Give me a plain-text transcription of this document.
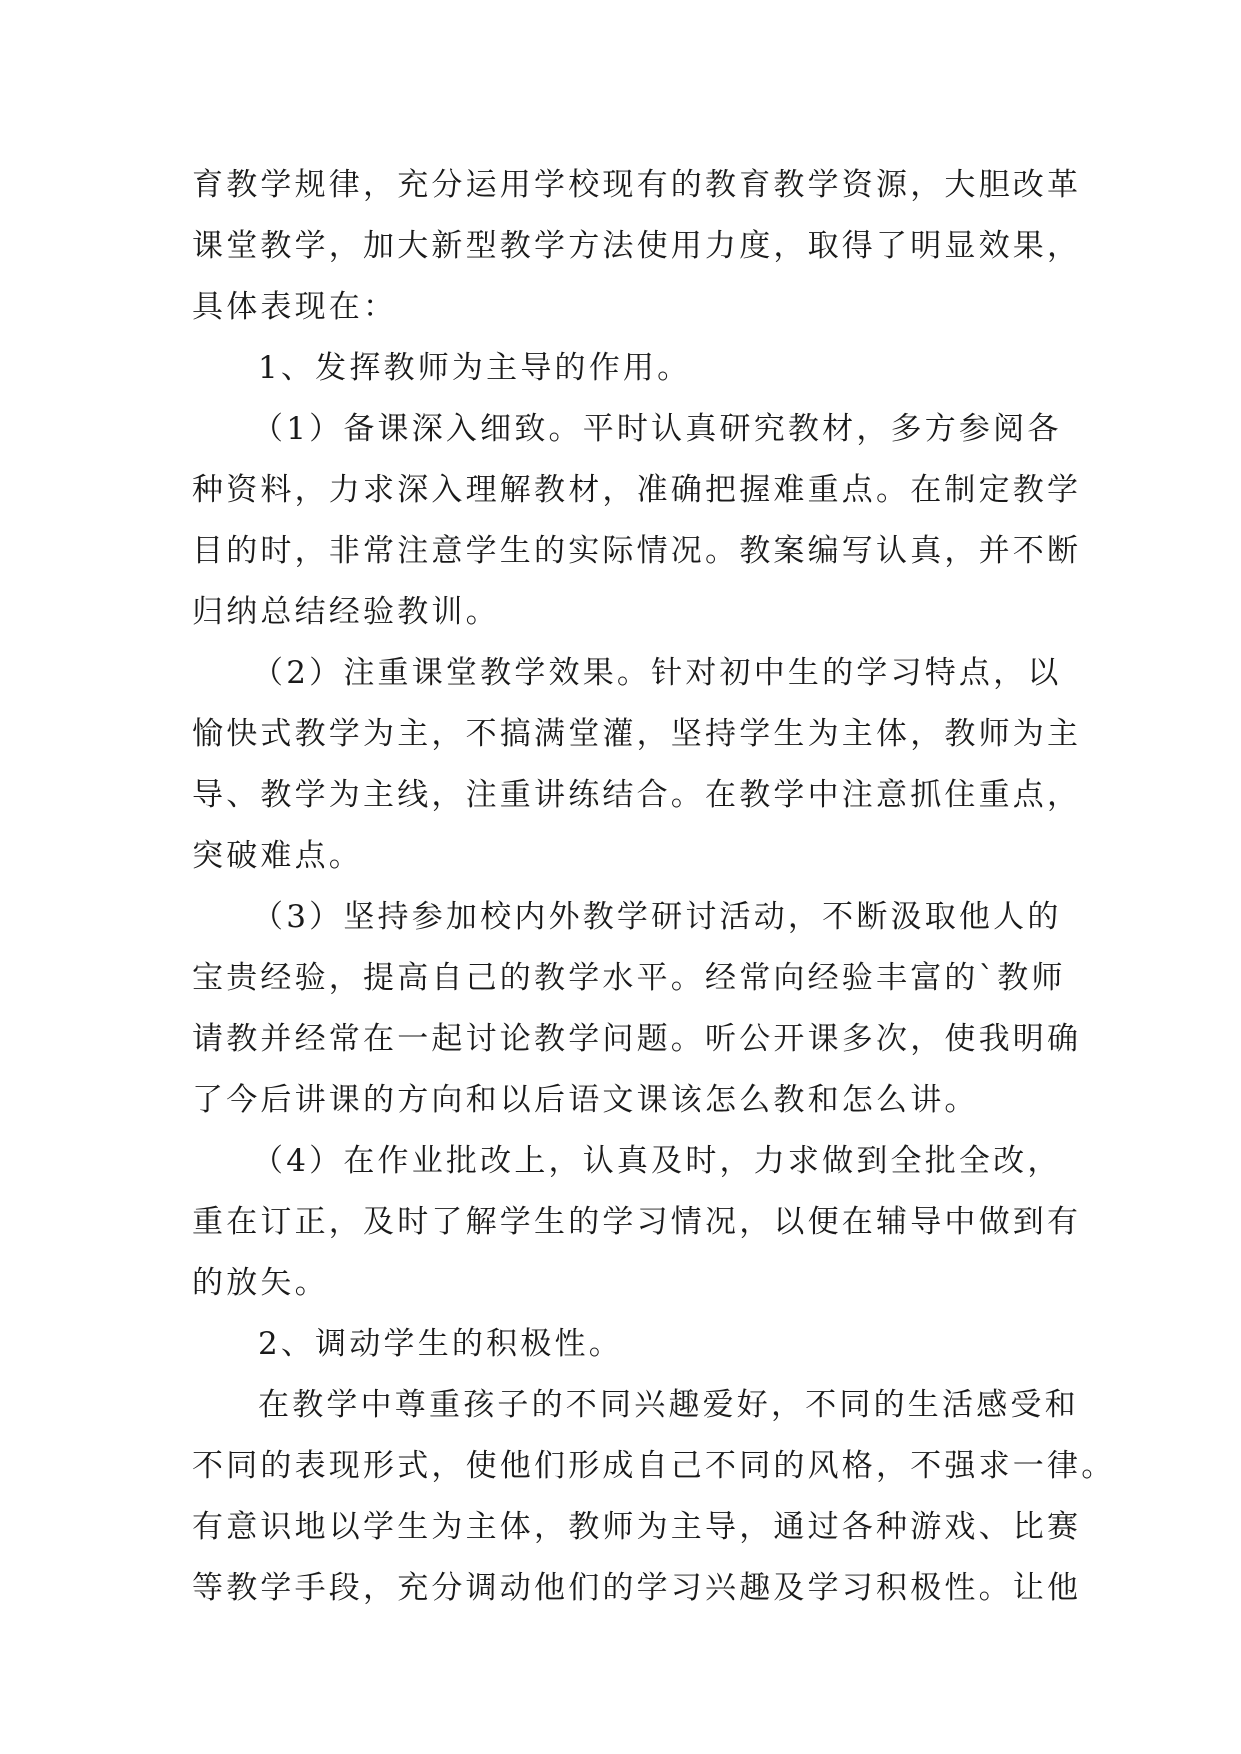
育教学规律，充分运用学校现有的教育教学资源，大胆改革
课堂教学，加大新型教学方法使用力度，取得了明显效果，
具体表现在：
1、发挥教师为主导的作用。
（1）备课深入细致。平时认真研究教材，多方参阅各
种资料，力求深入理解教材，准确把握难重点。在制定教学
目的时，非常注意学生的实际情况。教案编写认真，并不断
归纳总结经验教训。
（2）注重课堂教学效果。针对初中生的学习特点，以
愉快式教学为主，不搞满堂灌，坚持学生为主体，教师为主
导、教学为主线，注重讲练结合。在教学中注意抓住重点，
突破难点。
（3）坚持参加校内外教学研讨活动，不断汲取他人的
宝贵经验，提高自己的教学水平。经常向经验丰富的`教师
请教并经常在一起讨论教学问题。听公开课多次，使我明确
了今后讲课的方向和以后语文课该怎么教和怎么讲。
（4）在作业批改上，认真及时，力求做到全批全改，
重在订正，及时了解学生的学习情况，以便在辅导中做到有
的放矢。
2、调动学生的积极性。
在教学中尊重孩子的不同兴趣爱好，不同的生活感受和
不同的表现形式，使他们形成自己不同的风格，不强求一律。
有意识地以学生为主体，教师为主导，通过各种游戏、比赛
等教学手段，充分调动他们的学习兴趣及学习积极性。让他
